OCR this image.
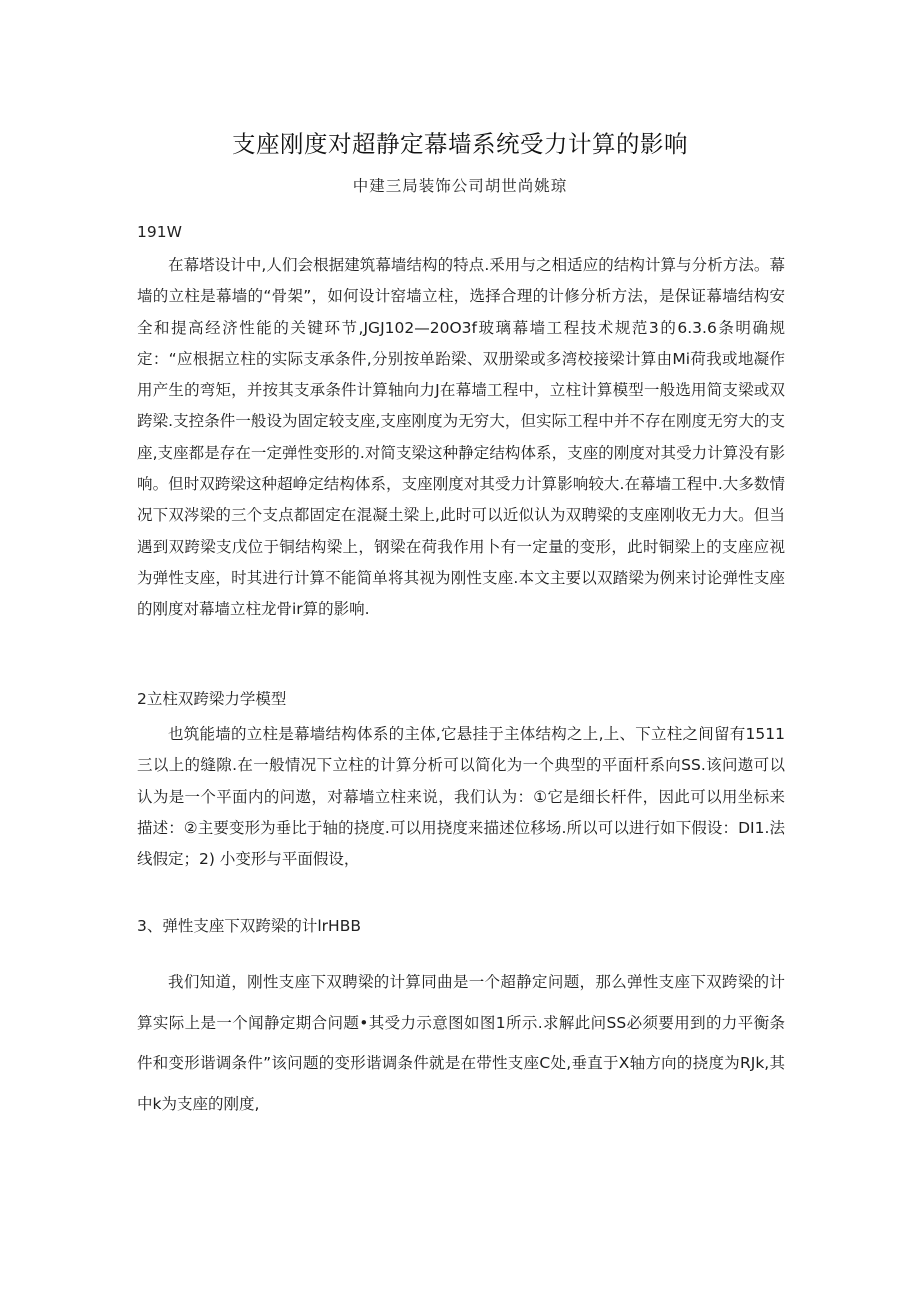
支座刚度对超静定幕墙系统受力计算的影响
中建三局装饰公司胡世尚姚琼
191W

在幕塔设计中,人们会根据建筑幕墙结构的特点.釆用与之相适应的结构计算与分析方法。幕墙的立柱是幕墙的“骨架”，如何设计窑墙立柱，选择合理的计修分析方法，是保证幕墙结构安全和提高经济性能的关键环节,JGJ102—20O3f玻璃幕墙工程技术规范3的6.3.6条明确规定：“应根据立柱的实际支承条件,分别按单跆梁、双册梁或多湾校接梁计算由Mi荷我或地凝作用产生的弯矩，并按其支承条件计算轴向力J在幕墙工程中，立柱计算模型一般选用简支梁或双跨梁.支控条件一般设为固定较支座,支座刚度为无穷大，但实际工程中并不存在刚度无穷大的支座,支座都是存在一定弹性变形的.对简支梁这种静定结构体系，支座的刚度对其受力计算没有影响。但时双跨梁这种超峥定结构体系，支座刚度对其受力计算影响较大.在幕墙工程中.大多数情况下双涔梁的三个支点都固定在混凝土梁上,此时可以近似认为双聘梁的支座刚收无力大。但当遇到双跨梁支戊位于铜结构梁上，钢梁在荷我作用卜有一定量的变形，此时铜梁上的支座应视为弹性支座，时其进行计算不能简单将其视为刚性支座.本文主要以双踏梁为例来讨论弹性支座的刚度对幕墙立柱龙骨ir算的影响.

2立柱双跨梁力学模型

也筑能墙的立柱是幕墙结构体系的主体,它悬挂于主体结构之上,上、下立柱之间留有1511三以上的缝隙.在一般情况下立柱的计算分析可以简化为一个典型的平面杆系向SS.该问遨可以认为是一个平面内的问遨，对幕墙立柱来说，我们认为：①它是细长杆件，因此可以用坐标来描述：②主要变形为垂比于轴的挠度.可以用挠度来描述位移场.所以可以进行如下假设：DI1.法线假定；2) 小变形与平面假设，

3、弹性支座下双跨梁的计lrHBB

我们知道，刚性支座下双聘梁的计算同曲是一个超静定问题，那么弹性支座下双跨梁的计算实际上是一个闻静定期合问题•其受力示意图如图1所示.求解此问SS必须要用到的力平衡条件和变形谐调条件”该问题的变形谐调条件就是在带性支座C处,垂直于X轴方向的挠度为RJk,其中k为支座的刚度,
